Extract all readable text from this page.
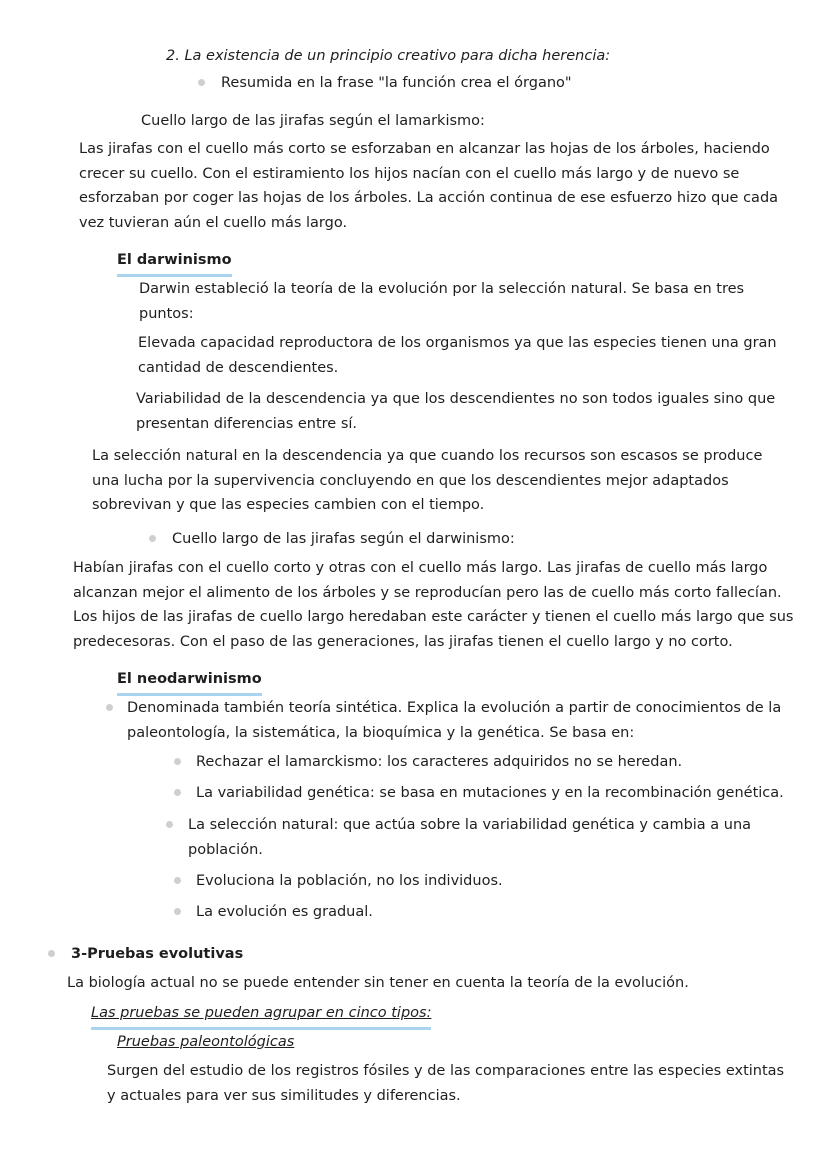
2. La existencia de un principio creativo para dicha herencia:

Resumida en la frase "la función crea el órgano"

Cuello largo de las jirafas según el lamarkismo:

Las jirafas con el cuello más corto se esforzaban en alcanzar las hojas de los árboles, haciendo crecer su cuello. Con el estiramiento los hijos nacían con el cuello más largo y de nuevo se esforzaban por coger las hojas de los árboles. La acción continua de ese esfuerzo hizo que cada vez tuvieran aún el cuello más largo.

El darwinismo

Darwin estableció la teoría de la evolución por la selección natural. Se basa en tres puntos:

Elevada capacidad reproductora de los organismos ya que las especies tienen una gran cantidad de descendientes.

Variabilidad de la descendencia ya que los descendientes no son todos iguales sino que presentan diferencias entre sí.

La selección natural en la descendencia ya que cuando los recursos son escasos se produce una lucha por la supervivencia concluyendo en que los descendientes mejor adaptados sobrevivan y que las especies cambien con el tiempo.

Cuello largo de las jirafas según el darwinismo:

Habían jirafas con el cuello corto y otras con el cuello más largo. Las jirafas de cuello más largo alcanzan mejor el alimento de los árboles y se reproducían pero las de cuello más corto fallecían. Los hijos de las jirafas de cuello largo heredaban este carácter y tienen el cuello más largo que sus predecesoras. Con el paso de las generaciones, las jirafas tienen el cuello largo y no corto.

El neodarwinismo

Denominada también teoría sintética. Explica la evolución a partir de conocimientos de la paleontología, la sistemática, la bioquímica y la genética. Se basa en:

Rechazar el lamarckismo: los caracteres adquiridos no se heredan.

La variabilidad genética: se basa en mutaciones y en la recombinación genética.

La selección natural: que actúa sobre la variabilidad genética y cambia a una población.

Evoluciona la población, no los individuos.

La evolución es gradual.

3-Pruebas evolutivas

La biología actual no se puede entender sin tener en cuenta la teoría de la evolución.

Las pruebas se pueden agrupar en cinco tipos:

Pruebas paleontológicas

Surgen del estudio de los registros fósiles y de las comparaciones entre las especies extintas y actuales para ver sus similitudes y diferencias.
